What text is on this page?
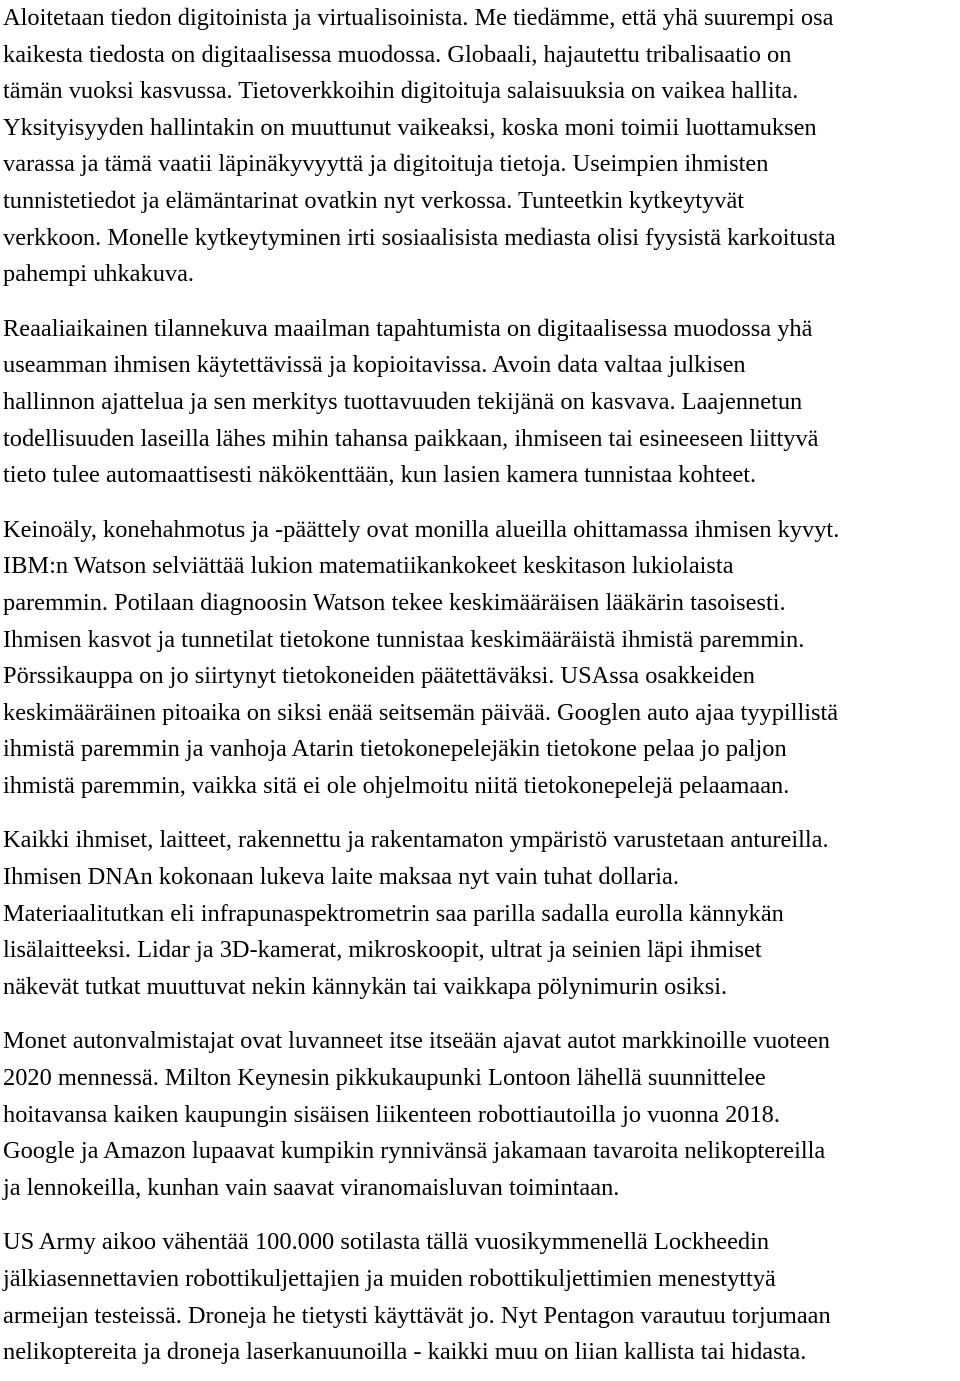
Aloitetaan tiedon digitoinista ja virtualisoinista. Me tiedämme, että yhä suurempi osa
kaikesta tiedosta on digitaalisessa muodossa. Globaali, hajautettu tribalisaatio on
tämän vuoksi kasvussa. Tietoverkkoihin digitoituja salaisuuksia on vaikea hallita.
Yksityisyyden hallintakin on muuttunut vaikeaksi, koska moni toimii luottamuksen
varassa ja tämä vaatii läpinäkyvyyttä ja digitoituja tietoja. Useimpien ihmisten
tunnistetiedot ja elämäntarinat ovatkin nyt verkossa. Tunteetkin kytkeytyvät
verkkoon. Monelle kytkeytyminen irti sosiaalisista mediasta olisi fyysistä karkoitusta
pahempi uhkakuva.

Reaaliaikainen tilannekuva maailman tapahtumista on digitaalisessa muodossa yhä
useamman ihmisen käytettävissä ja kopioitavissa. Avoin data valtaa julkisen
hallinnon ajattelua ja sen merkitys tuottavuuden tekijänä on kasvava. Laajennetun
todellisuuden laseilla lähes mihin tahansa paikkaan, ihmiseen tai esineeseen liittyvä
tieto tulee automaattisesti näkökenttään, kun lasien kamera tunnistaa kohteet.

Keinoäly, konehahmotus ja -päättely ovat monilla alueilla ohittamassa ihmisen kyvyt.
IBM:n Watson selviättää lukion matematiikankokeet keskitason lukiolaista
paremmin. Potilaan diagnoosin Watson tekee keskimääräisen lääkärin tasoisesti.
Ihmisen kasvot ja tunnetilat tietokone tunnistaa keskimääräistä ihmistä paremmin.
Pörssikauppa on jo siirtynyt tietokoneiden päätettäväksi. USAssa osakkeiden
keskimääräinen pitoaika on siksi enää seitsemän päivää. Googlen auto ajaa tyypillistä
ihmistä paremmin ja vanhoja Atarin tietokonepelejäkin tietokone pelaa jo paljon
ihmistä paremmin, vaikka sitä ei ole ohjelmoitu niitä tietokonepelejä pelaamaan.

Kaikki ihmiset, laitteet, rakennettu ja rakentamaton ympäristö varustetaan antureilla.
Ihmisen DNAn kokonaan lukeva laite maksaa nyt vain tuhat dollaria.
Materiaalitutkan eli infrapunaspektrometrin saa parilla sadalla eurolla kännykän
lisälaitteeksi. Lidar ja 3D-kamerat, mikroskoopit, ultrat ja seinien läpi ihmiset
näkevät tutkat muuttuvat nekin kännykän tai vaikkapa pölynimurin osiksi.

Monet autonvalmistajat ovat luvanneet itse itseään ajavat autot markkinoille vuoteen
2020 mennessä. Milton Keynesin pikkukaupunki Lontoon lähellä suunnittelee
hoitavansa kaiken kaupungin sisäisen liikenteen robottiautoilla jo vuonna 2018.
Google ja Amazon lupaavat kumpikin rynnivänsä jakamaan tavaroita nelikoptereilla
ja lennokeilla, kunhan vain saavat viranomaisluvan toimintaan.

US Army aikoo vähentää 100.000 sotilasta tällä vuosikymmenellä Lockheedin
jälkiasennettavien robottikuljettajien ja muiden robottikuljettimien menestyttyä
armeijan testeissä. Droneja he tietysti käyttävät jo. Nyt Pentagon varautuu torjumaan
nelikoptereita ja droneja laserkanuunoilla - kaikki muu on liian kallista tai hidasta.
